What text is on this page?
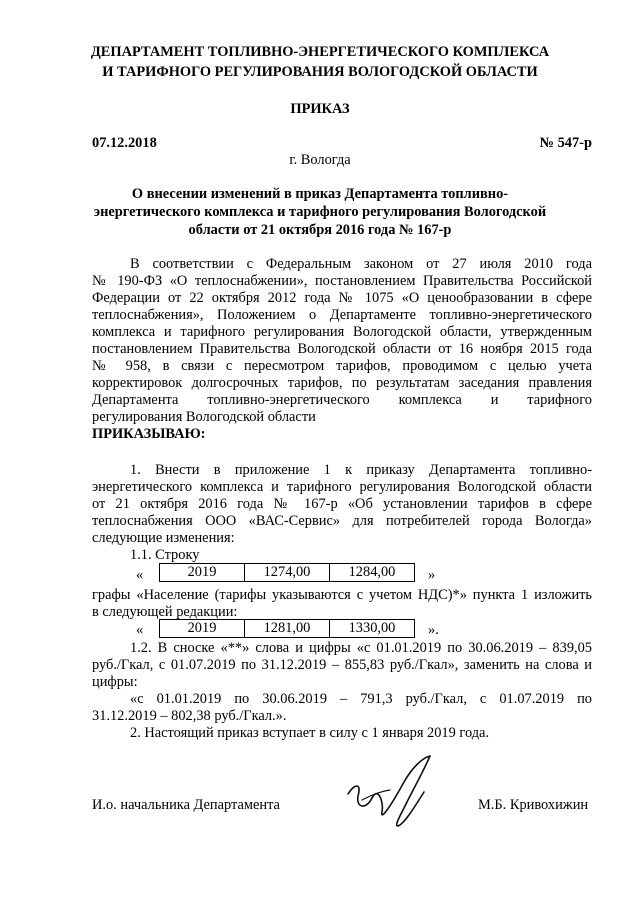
ДЕПАРТАМЕНТ ТОПЛИВНО-ЭНЕРГЕТИЧЕСКОГО КОМПЛЕКСА
И ТАРИФНОГО РЕГУЛИРОВАНИЯ ВОЛОГОДСКОЙ ОБЛАСТИ
ПРИКАЗ
07.12.2018	№ 547-р
г. Вологда
О внесении изменений в приказ Департамента топливно-
энергетического комплекса и тарифного регулирования Вологодской
области от 21 октября 2016 года № 167-р
В соответствии с Федеральным законом от 27 июля 2010 года
№ 190-ФЗ «О теплоснабжении», постановлением Правительства Российской
Федерации от 22 октября 2012 года № 1075 «О ценообразовании в сфере
теплоснабжения», Положением о Департаменте топливно-энергетического
комплекса и тарифного регулирования Вологодской области, утвержденным
постановлением Правительства Вологодской области от 16 ноября 2015 года
№ 958, в связи с пересмотром тарифов, проводимом с целью учета
корректировок долгосрочных тарифов, по результатам заседания правления
Департамента топливно-энергетического комплекса и тарифного
регулирования Вологодской области
ПРИКАЗЫВАЮ:
1. Внести в приложение 1 к приказу Департамента топливно-
энергетического комплекса и тарифного регулирования Вологодской области
от 21 октября 2016 года № 167-р «Об установлении тарифов в сфере
теплоснабжения ООО «ВАС-Сервис» для потребителей города Вологда»
следующие изменения:
1.1. Строку
«	2019	1274,00	1284,00 »
графы «Население (тарифы указываются с учетом НДС)*» пункта 1 изложить
в следующей редакции:
«	2019	1281,00	1330,00 ».
1.2. В сноске «**» слова и цифры «с 01.01.2019 по 30.06.2019 – 839,05
руб./Гкал, с 01.07.2019 по 31.12.2019 – 855,83 руб./Гкал», заменить на слова и
цифры:
«с 01.01.2019 по 30.06.2019 – 791,3 руб./Гкал, с 01.07.2019 по
31.12.2019 – 802,38 руб./Гкал.».
2. Настоящий приказ вступает в силу с 1 января 2019 года.
И.о. начальника Департамента	М.Б. Кривохижин
